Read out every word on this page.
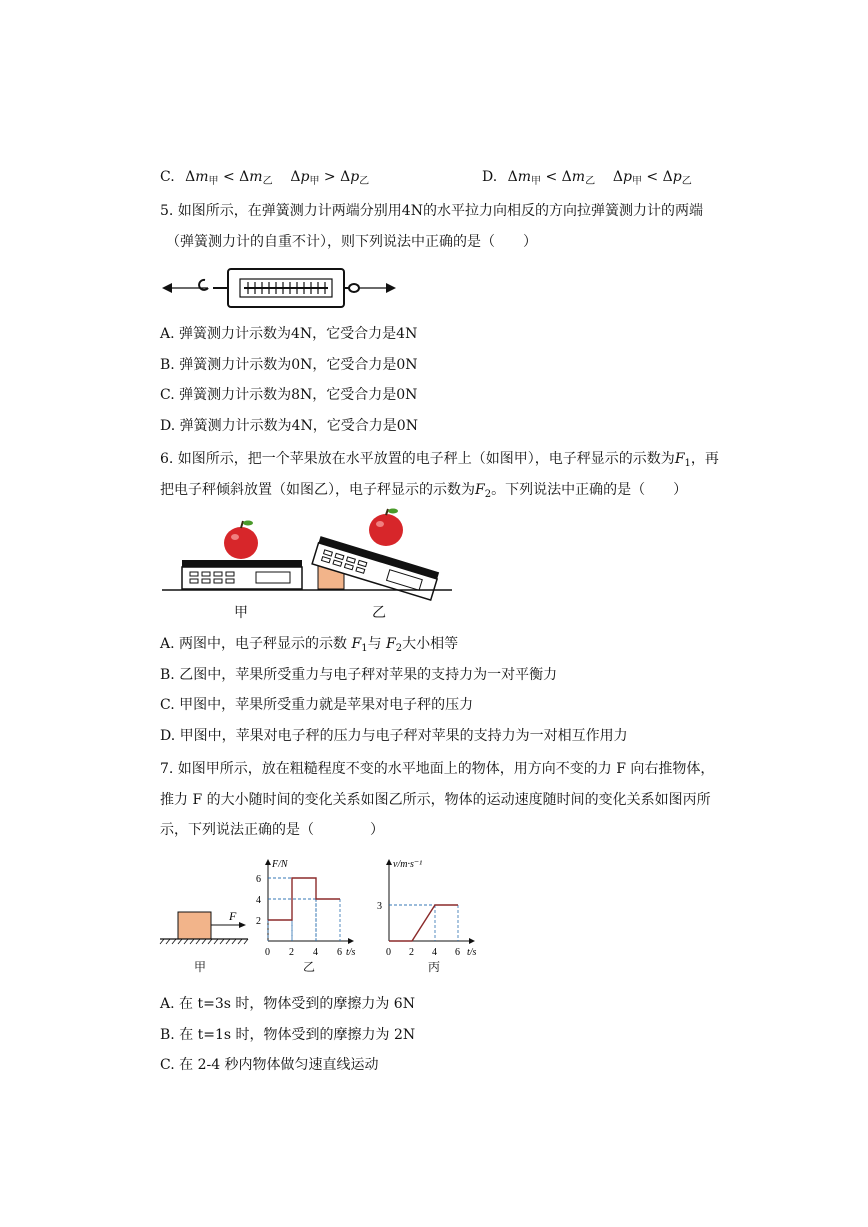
C. $\Delta m_甲 < \Delta m_乙$    $\Delta p_甲 > \Delta p_乙$	D. $\Delta m_甲 < \Delta m_乙$    $\Delta p_甲 < \Delta p_乙$
5. 如图所示，在弹簧测力计两端分别用4N的水平拉力向相反的方向拉弹簧测力计的两端
（弹簧测力计的自重不计），则下列说法中正确的是（　　）
A. 弹簧测力计示数为4N，它受合力是4N
B. 弹簧测力计示数为0N，它受合力是0N
C. 弹簧测力计示数为8N，它受合力是0N
D. 弹簧测力计示数为4N，它受合力是0N
6. 如图所示，把一个苹果放在水平放置的电子秤上（如图甲），电子秤显示的示数为$F_1$，再
把电子秤倾斜放置（如图乙），电子秤显示的示数为$F_2$。下列说法中正确的是（　　）
甲	乙
A. 两图中，电子秤显示的示数 $F_1$与 $F_2$大小相等
B. 乙图中，苹果所受重力与电子秤对苹果的支持力为一对平衡力
C. 甲图中，苹果所受重力就是苹果对电子秤的压力
D. 甲图中，苹果对电子秤的压力与电子秤对苹果的支持力为一对相互作用力
7. 如图甲所示，放在粗糙程度不变的水平地面上的物体，用方向不变的力 F 向右推物体，
推力 F 的大小随时间的变化关系如图乙所示，物体的运动速度随时间的变化关系如图丙所
示，下列说法正确的是（　　　　）
F
甲
F/N
t/s
0 2 4 6
2
4
6
乙
v/m·s⁻¹
t/s
0 2 4 6
3
丙
A. 在 t=3s 时，物体受到的摩擦力为 6N
B. 在 t=1s 时，物体受到的摩擦力为 2N
C. 在 2-4 秒内物体做匀速直线运动
